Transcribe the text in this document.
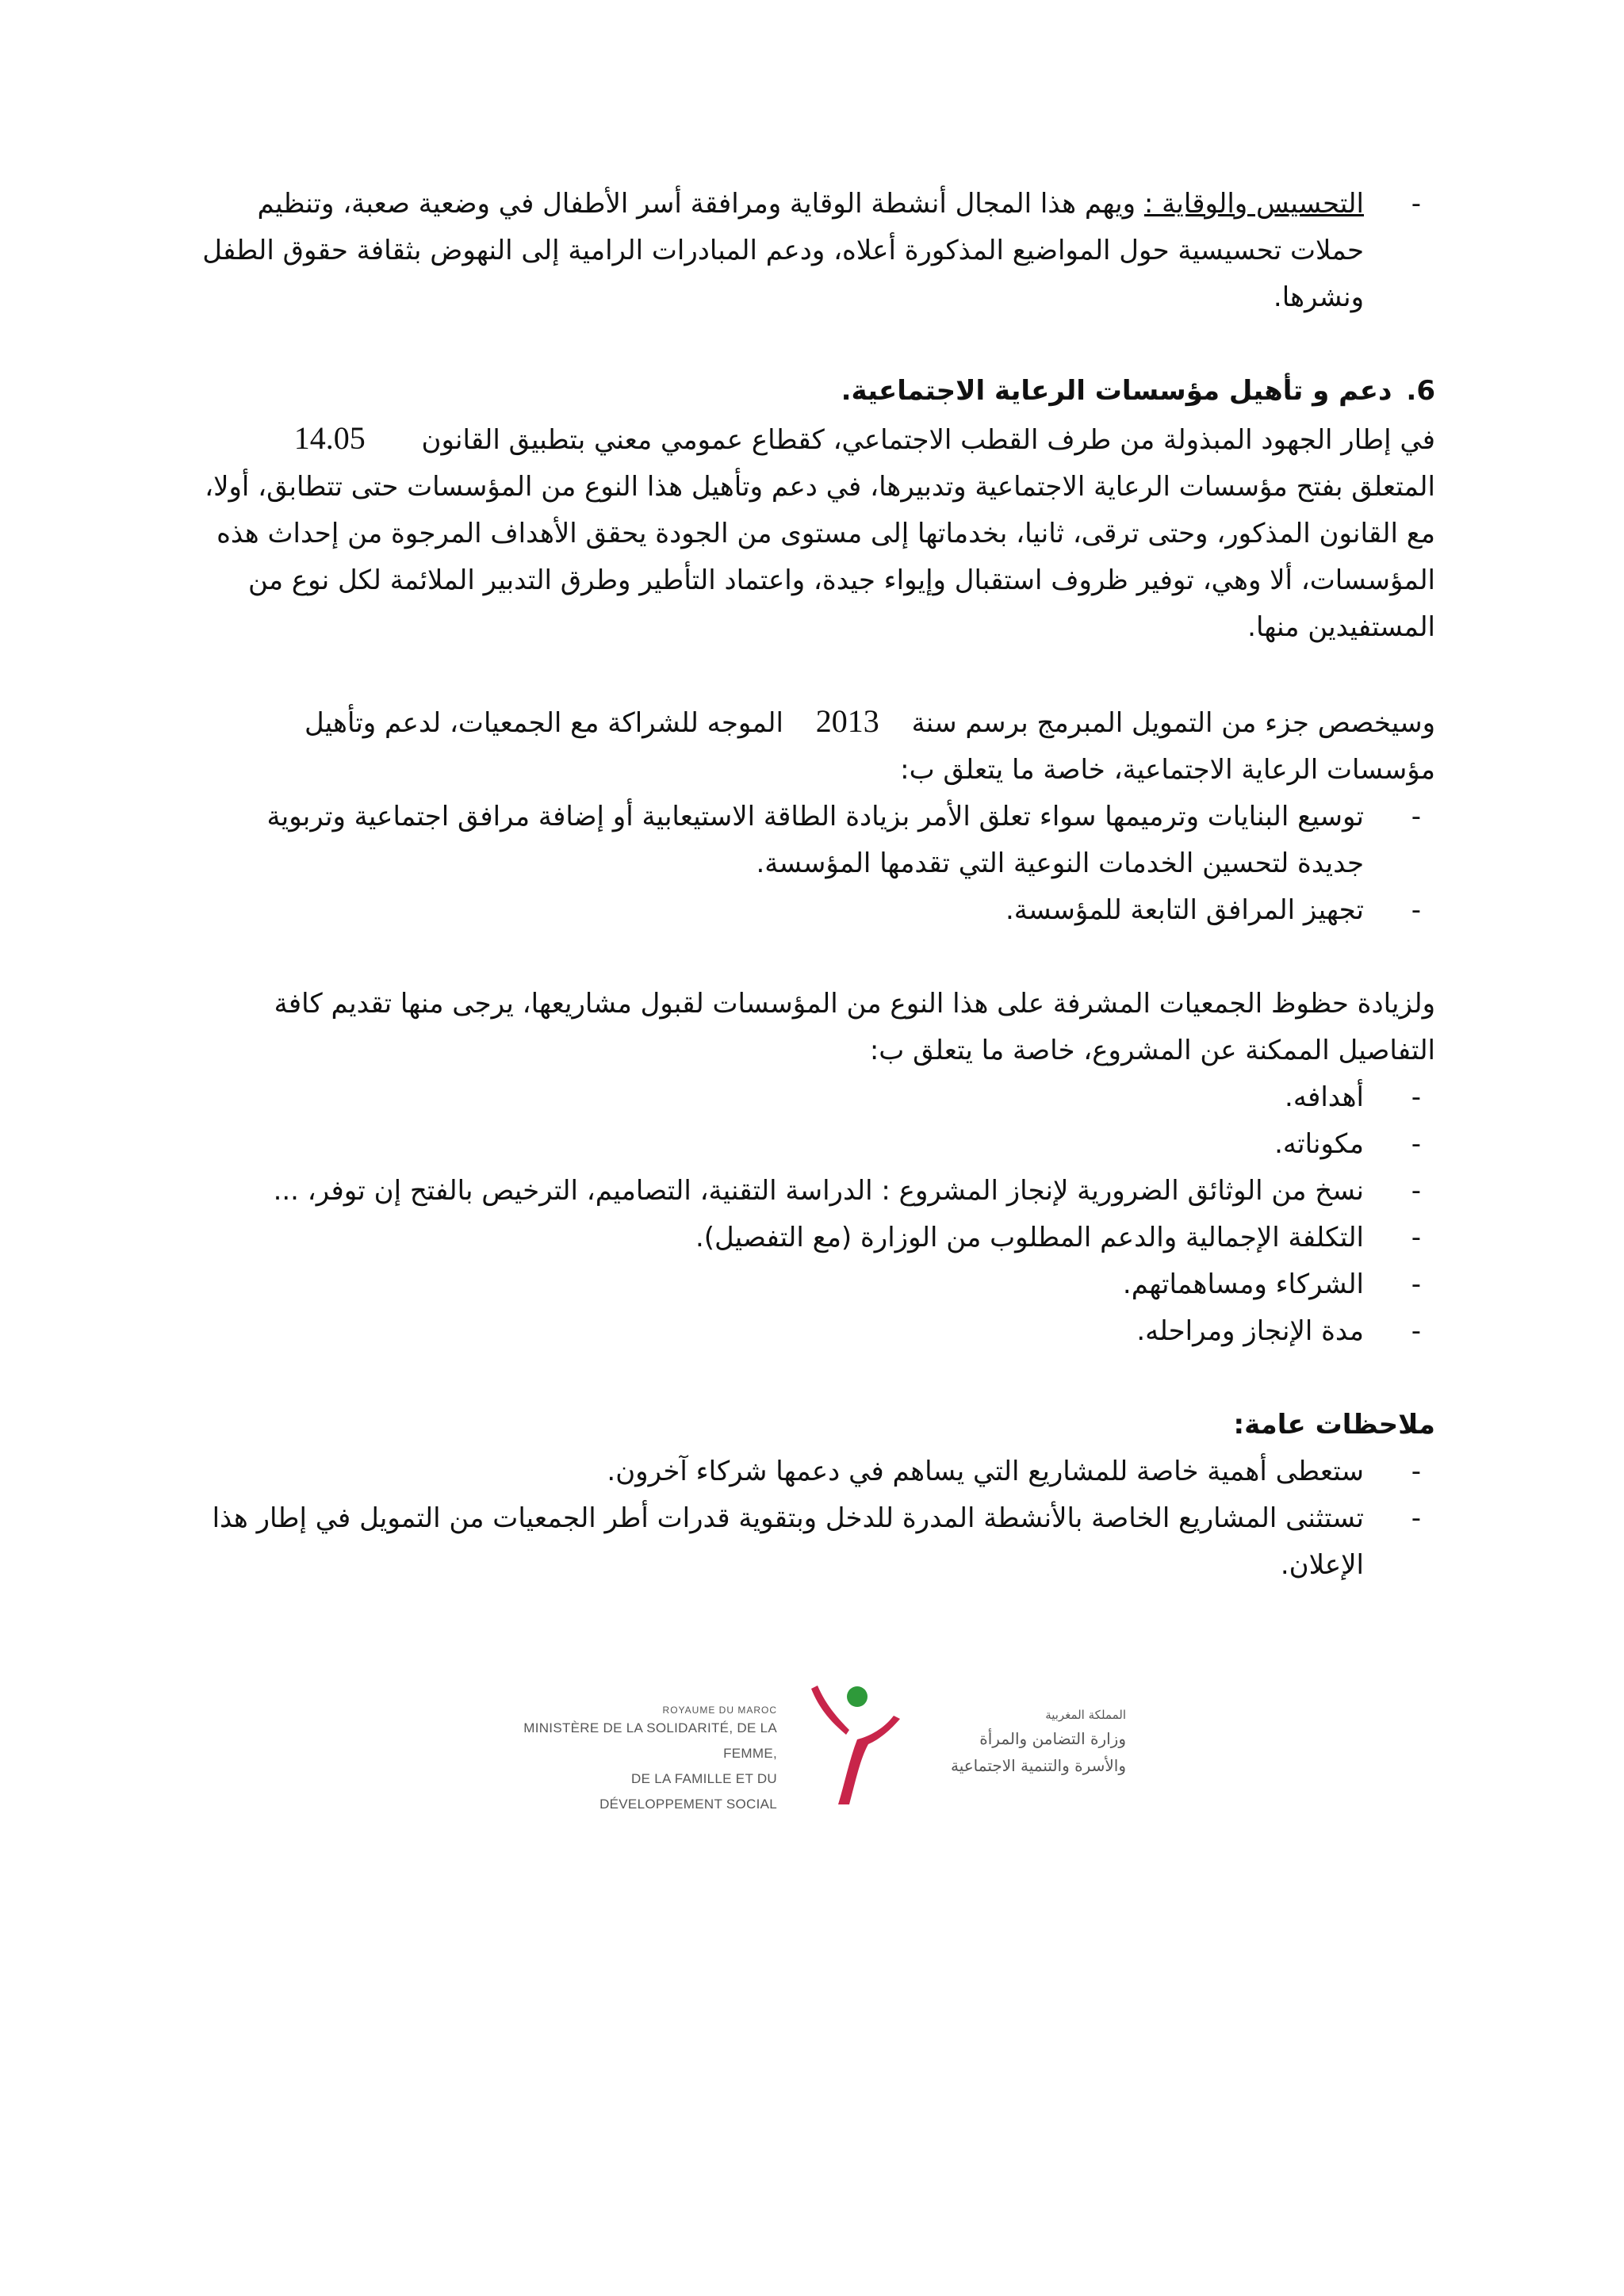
-
التحسيس والوقاية : ويهم هذا المجال أنشطة الوقاية ومرافقة أسر الأطفال في وضعية صعبة، وتنظيم حملات تحسيسية حول المواضيع المذكورة أعلاه، ودعم المبادرات الرامية إلى النهوض بثقافة حقوق الطفل ونشرها.
6.دعم و تأهيل مؤسسات الرعاية الاجتماعية.

في إطار الجهود المبذولة من طرف القطب الاجتماعي، كقطاع عمومي معني بتطبيق القانون 14.05 المتعلق بفتح مؤسسات الرعاية الاجتماعية وتدبيرها، في دعم وتأهيل هذا النوع من المؤسسات حتى تتطابق، أولا، مع القانون المذكور، وحتى ترقى، ثانيا، بخدماتها إلى مستوى من الجودة يحقق الأهداف المرجوة من إحداث هذه المؤسسات، ألا وهي، توفير ظروف استقبال وإيواء جيدة، واعتماد التأطير وطرق التدبير الملائمة لكل نوع من المستفيدين منها.

وسيخصص جزء من التمويل المبرمج برسم سنة 2013 الموجه للشراكة مع الجمعيات، لدعم وتأهيل مؤسسات الرعاية الاجتماعية، خاصة ما يتعلق ب:

-
توسيع البنايات وترميمها سواء تعلق الأمر بزيادة الطاقة الاستيعابية أو إضافة مرافق اجتماعية وتربوية جديدة لتحسين الخدمات النوعية التي تقدمها المؤسسة.
-
تجهيز المرافق التابعة للمؤسسة.

ولزيادة حظوظ الجمعيات المشرفة على هذا النوع من المؤسسات لقبول مشاريعها، يرجى منها تقديم كافة التفاصيل الممكنة عن المشروع، خاصة ما يتعلق ب:

-
أهدافه.
-
مكوناته.
-
نسخ من الوثائق الضرورية لإنجاز المشروع : الدراسة التقنية، التصاميم، الترخيص بالفتح إن توفر، ...
-
التكلفة الإجمالية والدعم المطلوب من الوزارة (مع التفصيل).
-
الشركاء ومساهماتهم.
-
مدة الإنجاز ومراحله.
ملاحظات عامة:
-
ستعطى أهمية خاصة للمشاريع التي يساهم في دعمها شركاء آخرون.
-
تستثنى المشاريع الخاصة بالأنشطة المدرة للدخل وبتقوية قدرات أطر الجمعيات من التمويل في إطار هذا الإعلان.
ROYAUME DU MAROC
MINISTÈRE DE LA SOLIDARITÉ, DE LA FEMME,
DE LA FAMILLE ET DU DÉVELOPPEMENT SOCIAL
المملكة المغربية
وزارة التضامن والمرأة
والأسرة والتنمية الاجتماعية
